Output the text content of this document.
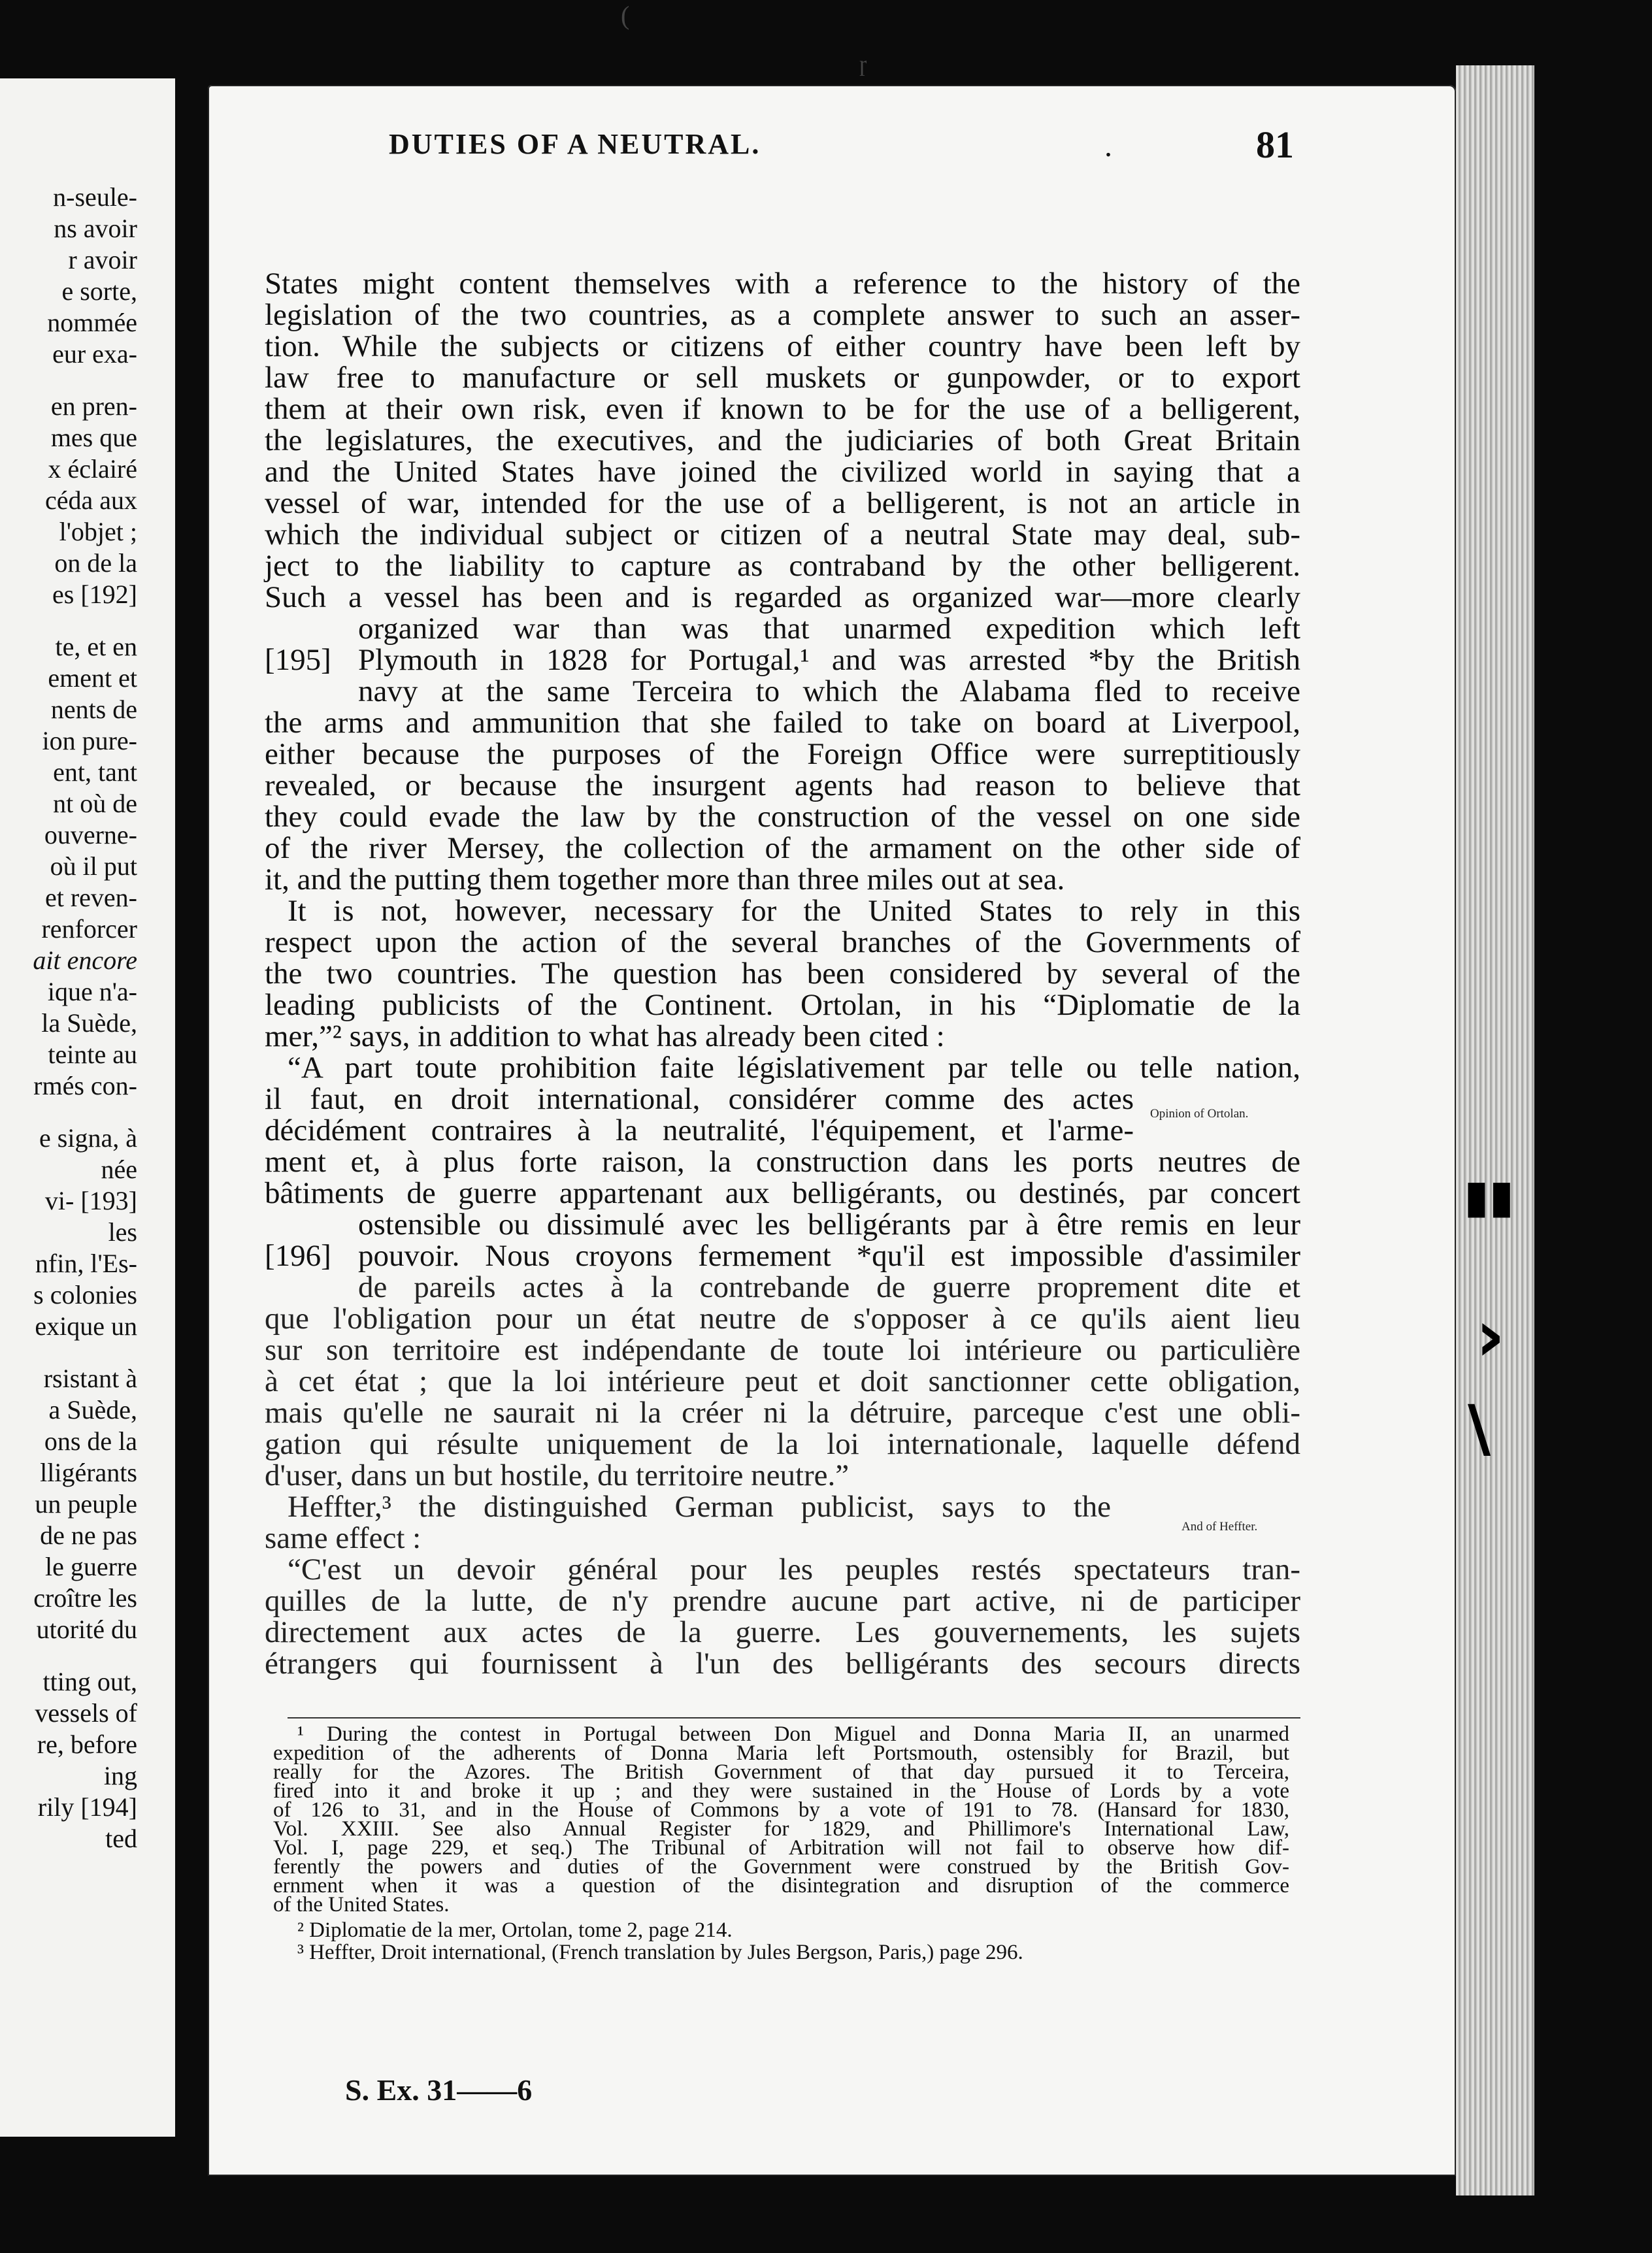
n-seule-
ns avoir
r avoir
e sorte,
nommée
eur exa-
en pren-
mes que
x éclairé
céda aux
l'objet ;
on de la
es [192]
te, et en
ement et
nents de
ion pure-
ent, tant
nt où de
ouverne-
où il put
et reven-
renforcer
ait encore
ique n'a-
la Suède,
teinte au
rmés con-
e signa, à
née
vi- [193]
les
nfin, l'Es-
s colonies
exique un
rsistant à
a Suède,
ons de la
lligérants
un peuple
de ne pas
le guerre
croître les
utorité du
tting out,
vessels of
re, before
ing
rily [194]
ted
▮▮
›
\
(
ɼ
DUTIES OF A NEUTRAL.	.	81
States might content themselves with a reference to the history of the
legislation of the two countries, as a complete answer to such an asser-
tion. While the subjects or citizens of either country have been left by
law free to manufacture or sell muskets or gunpowder, or to export
them at their own risk, even if known to be for the use of a belligerent,
the legislatures, the executives, and the judiciaries of both Great Britain
and the United States have joined the civilized world in saying that a
vessel of war, intended for the use of a belligerent, is not an article in
which the individual subject or citizen of a neutral State may deal, sub-
ject to the liability to capture as contraband by the other belligerent.
Such a vessel has been and is regarded as organized war—more clearly
organized war than was that unarmed expedition which left
[195] Plymouth in 1828 for Portugal,¹ and was arrested *by the British
navy at the same Terceira to which the Alabama fled to receive
the arms and ammunition that she failed to take on board at Liverpool,
either because the purposes of the Foreign Office were surreptitiously
revealed, or because the insurgent agents had reason to believe that
they could evade the law by the construction of the vessel on one side
of the river Mersey, the collection of the armament on the other side of
it, and the putting them together more than three miles out at sea.
It is not, however, necessary for the United States to rely in this
respect upon the action of the several branches of the Governments of
the two countries. The question has been considered by several of the
leading publicists of the Continent. Ortolan, in his “Diplomatie de la
mer,”² says, in addition to what has already been cited :
“A part toute prohibition faite législativement par telle ou telle nation,
il faut, en droit international, considérer comme des actes Opinion of Ortolan.
décidément contraires à la neutralité, l'équipement, et l'arme-
ment et, à plus forte raison, la construction dans les ports neutres de
bâtiments de guerre appartenant aux belligérants, ou destinés, par concert
ostensible ou dissimulé avec les belligérants par à être remis en leur
[196] pouvoir. Nous croyons fermement *qu'il est impossible d'assimiler
de pareils actes à la contrebande de guerre proprement dite et
que l'obligation pour un état neutre de s'opposer à ce qu'ils aient lieu
sur son territoire est indépendante de toute loi intérieure ou particulière
à cet état ; que la loi intérieure peut et doit sanctionner cette obligation,
mais qu'elle ne saurait ni la créer ni la détruire, parceque c'est une obli-
gation qui résulte uniquement de la loi internationale, laquelle défend
d'user, dans un but hostile, du territoire neutre.”
Heffter,³ the distinguished German publicist, says to the
And of Heffter.
same effect :
“C'est un devoir général pour les peuples restés spectateurs tran-
quilles de la lutte, de n'y prendre aucune part active, ni de participer
directement aux actes de la guerre. Les gouvernements, les sujets
étrangers qui fournissent à l'un des belligérants des secours directs
¹ During the contest in Portugal between Don Miguel and Donna Maria II, an unarmed
expedition of the adherents of Donna Maria left Portsmouth, ostensibly for Brazil, but
really for the Azores. The British Government of that day pursued it to Terceira,
fired into it and broke it up ; and they were sustained in the House of Lords by a vote
of 126 to 31, and in the House of Commons by a vote of 191 to 78. (Hansard for 1830,
Vol. XXIII. See also Annual Register for 1829, and Phillimore's International Law,
Vol. I, page 229, et seq.) The Tribunal of Arbitration will not fail to observe how dif-
ferently the powers and duties of the Government were construed by the British Gov-
ernment when it was a question of the disintegration and disruption of the commerce
of the United States.
² Diplomatie de la mer, Ortolan, tome 2, page 214.
³ Heffter, Droit international, (French translation by Jules Bergson, Paris,) page 296.
S. Ex. 31——6
